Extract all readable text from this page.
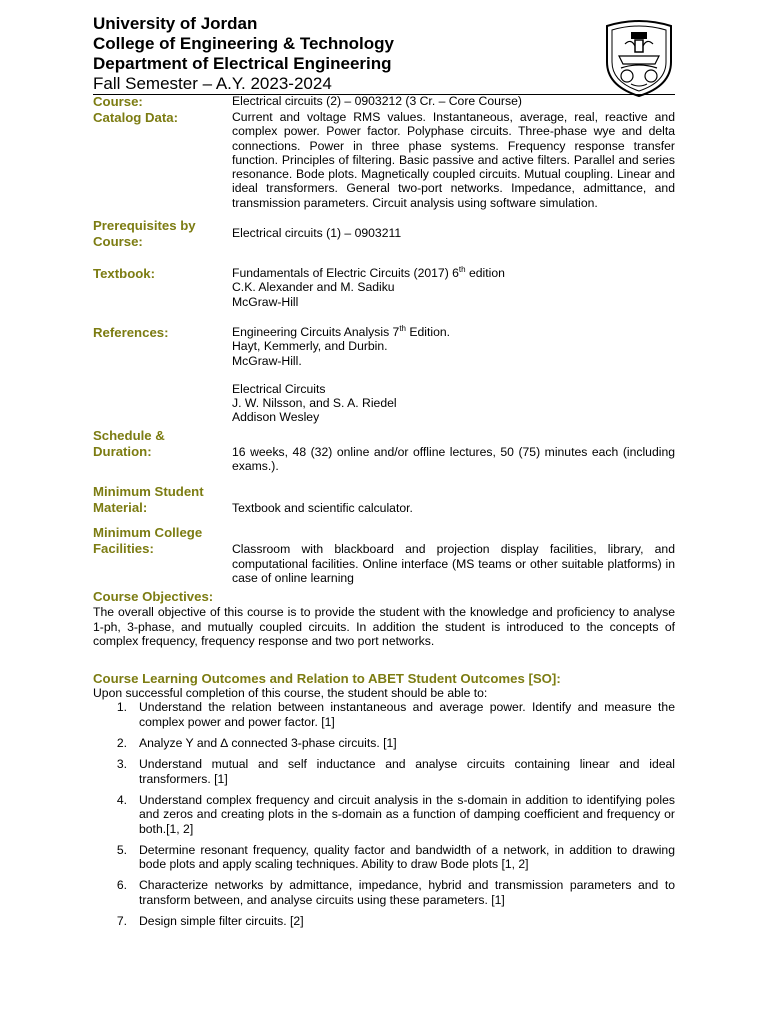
University of Jordan
College of Engineering & Technology
Department of Electrical Engineering
Fall Semester – A.Y. 2023-2024
Course:	Electrical circuits (2) – 0903212 (3 Cr. – Core Course)
Catalog Data:	Current and voltage RMS values. Instantaneous, average, real, reactive and complex power. Power factor. Polyphase circuits. Three-phase wye and delta connections. Power in three phase systems. Frequency response transfer function. Principles of filtering. Basic passive and active filters. Parallel and series resonance. Bode plots. Magnetically coupled circuits. Mutual coupling. Linear and ideal transformers. General two-port networks. Impedance, admittance, and transmission parameters. Circuit analysis using software simulation.
Prerequisites by
Course:
Electrical circuits (1) – 0903211
Textbook:	Fundamentals of Electric Circuits (2017) 6th edition
C.K. Alexander and M. Sadiku
McGraw-Hill
References:	Engineering Circuits Analysis 7th Edition.
Hayt, Kemmerly, and Durbin.
McGraw-Hill.
Electrical Circuits
J. W. Nilsson, and S. A. Riedel
Addison Wesley
Schedule &
Duration:	16 weeks, 48 (32) online and/or offline lectures, 50 (75) minutes each (including exams.).
Minimum Student
Material:	Textbook and scientific calculator.
Minimum College
Facilities:	Classroom with blackboard and projection display facilities, library, and computational facilities. Online interface (MS teams or other suitable platforms) in case of online learning
Course Objectives:
The overall objective of this course is to provide the student with the knowledge and proficiency to analyse 1-ph, 3-phase, and mutually coupled circuits. In addition the student is introduced to the concepts of complex frequency, frequency response and two port networks.
Course Learning Outcomes and Relation to ABET Student Outcomes [SO]:
Upon successful completion of this course, the student should be able to:
1. Understand the relation between instantaneous and average power. Identify and measure the complex power and power factor. [1]
2. Analyze Y and ∆ connected 3-phase circuits. [1]
3. Understand mutual and self inductance and analyse circuits containing linear and ideal transformers. [1]
4. Understand complex frequency and circuit analysis in the s-domain in addition to identifying poles and zeros and creating plots in the s-domain as a function of damping coefficient and frequency or both.[1, 2]
5. Determine resonant frequency, quality factor and bandwidth of a network, in addition to drawing bode plots and apply scaling techniques. Ability to draw Bode plots [1, 2]
6. Characterize networks by admittance, impedance, hybrid and transmission parameters and to transform between, and analyse circuits using these parameters. [1]
7. Design simple filter circuits. [2]
